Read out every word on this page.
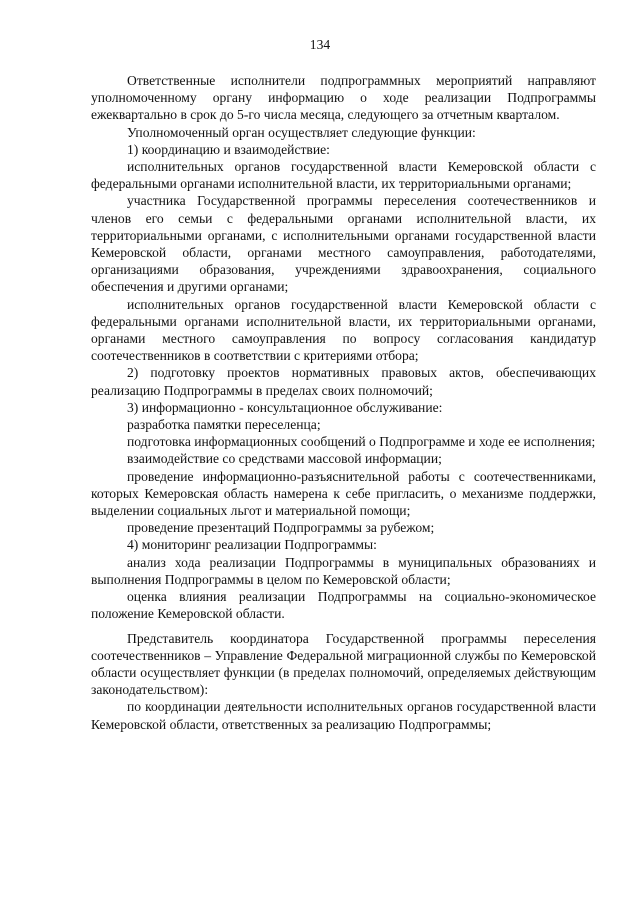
134

Ответственные исполнители подпрограммных мероприятий направляют уполномоченному органу информацию о ходе реализации Подпрограммы ежеквартально в срок до 5-го числа месяца, следующего за отчетным кварталом.

Уполномоченный орган осуществляет следующие функции:

1) координацию и взаимодействие:

исполнительных органов государственной власти Кемеровской области с федеральными органами исполнительной власти, их территориальными органами;

участника Государственной программы переселения соотечественников и членов его семьи с федеральными органами исполнительной власти, их территориальными органами, с исполнительными органами государственной власти Кемеровской области, органами местного самоуправления, работодателями, организациями образования, учреждениями здравоохранения, социального обеспечения и другими органами;

исполнительных органов государственной власти Кемеровской области с федеральными органами исполнительной власти, их территориальными органами, органами местного самоуправления по вопросу согласования кандидатур соотечественников в соответствии с критериями отбора;

2) подготовку проектов нормативных правовых актов, обеспечивающих реализацию Подпрограммы в пределах своих полномочий;

3) информационно - консультационное обслуживание:

разработка памятки переселенца;

подготовка информационных сообщений о Подпрограмме и ходе ее исполнения;

взаимодействие со средствами массовой информации;

проведение информационно-разъяснительной работы с соотечественниками, которых Кемеровская область намерена к себе пригласить, о механизме поддержки, выделении социальных льгот и материальной помощи;

проведение презентаций Подпрограммы за рубежом;

4) мониторинг реализации Подпрограммы:

анализ хода реализации Подпрограммы в муниципальных образованиях и выполнения Подпрограммы в целом по Кемеровской области;

оценка влияния реализации Подпрограммы на социально-экономическое положение Кемеровской области.

Представитель координатора Государственной программы переселения соотечественников – Управление Федеральной миграционной службы по Кемеровской области осуществляет функции (в пределах полномочий, определяемых действующим законодательством):

по координации деятельности исполнительных органов государственной власти Кемеровской области, ответственных за реализацию Подпрограммы;
